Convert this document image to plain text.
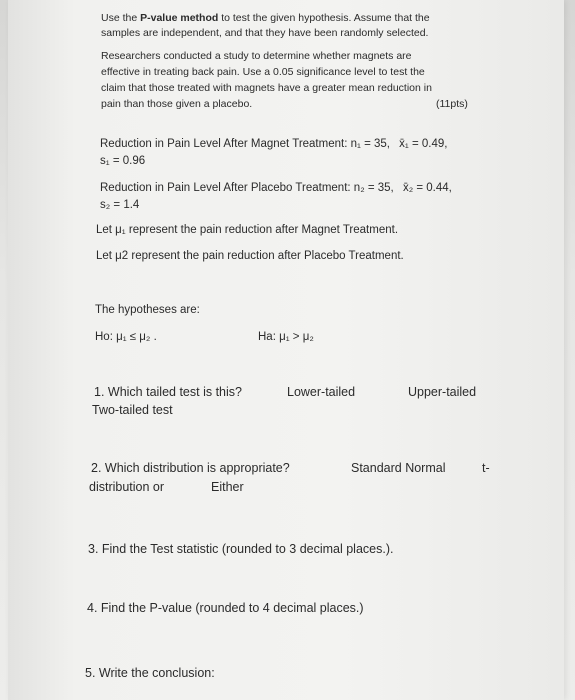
Use the P-value method to test the given hypothesis. Assume that the
samples are independent, and that they have been randomly selected.
Researchers conducted a study to determine whether magnets are
effective in treating back pain. Use a 0.05 significance level to test the
claim that those treated with magnets have a greater mean reduction in
pain than those given a placebo.	(11pts)
Reduction in Pain Level After Magnet Treatment: n₁ = 35, x̄₁ = 0.49,
s₁ = 0.96
Reduction in Pain Level After Placebo Treatment: n₂ = 35, x̄₂ = 0.44,
s₂ = 1.4
Let μ₁ represent the pain reduction after Magnet Treatment.
Let μ2 represent the pain reduction after Placebo Treatment.
The hypotheses are:
Ho: μ₁ ≤ μ₂ .	Ha: μ₁ > μ₂
1. Which tailed test is this?	Lower-tailed	Upper-tailed
Two-tailed test
2. Which distribution is appropriate?	Standard Normal	t-
distribution or	Either
3. Find the Test statistic (rounded to 3 decimal places.).
4. Find the P-value (rounded to 4 decimal places.)
5. Write the conclusion:
